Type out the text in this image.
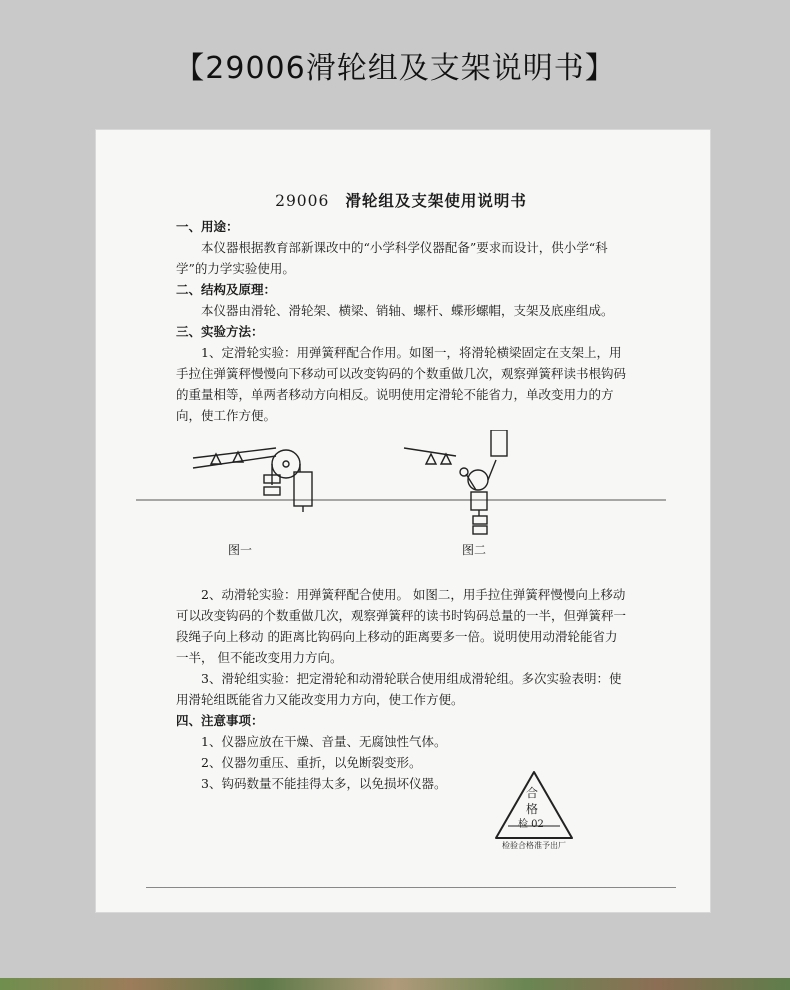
【29006滑轮组及支架说明书】
29006 滑轮组及支架使用说明书
一、用途：
本仪器根据教育部新课改中的“小学科学仪器配备”要求而设计，供小学“科学”的力学实验使用。
二、结构及原理：
本仪器由滑轮、滑轮架、横梁、销轴、螺杆、蝶形螺帽，支架及底座组成。
三、实验方法：
1、定滑轮实验：用弹簧秤配合作用。如图一，将滑轮横梁固定在支架上，用手拉住弹簧秤慢慢向下移动可以改变钩码的个数重做几次，观察弹簧秤读书根钩码的重量相等，单两者移动方向相反。说明使用定滑轮不能省力，单改变用力的方向，使工作方便。
图一	图二
2、动滑轮实验：用弹簧秤配合使用。 如图二，用手拉住弹簧秤慢慢向上移动可以改变钩码的个数重做几次，观察弹簧秤的读书时钩码总量的一半，但弹簧秤一段绳子向上移动 的距离比钩码向上移动的距离要多一倍。说明使用动滑轮能省力一半， 但不能改变用力方向。
3、滑轮组实验：把定滑轮和动滑轮联合使用组成滑轮组。多次实验表明：使用滑轮组既能省力又能改变用力方向，使工作方便。
四、注意事项：
1、仪器应放在干燥、音量、无腐蚀性气体。
2、仪器勿重压、重折，以免断裂变形。
3、钩码数量不能挂得太多，以免损坏仪器。
合
格
检 02
检验合格准予出厂
